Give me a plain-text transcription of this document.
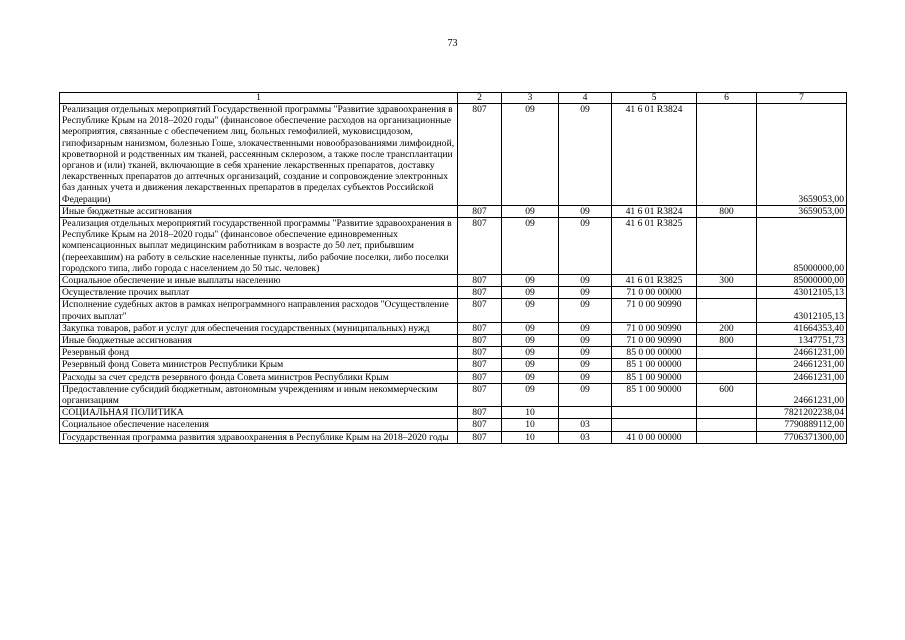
73
1	2	3	4	5	6	7
Реализация отдельных мероприятий Государственной программы "Развитие здравоохранения в Республике Крым на 2018–2020 годы" (финансовое обеспечение расходов на организационные мероприятия, связанные с обеспечением лиц, больных гемофилией, муковисцидозом, гипофизарным нанизмом, болезнью Гоше, злокачественными новообразованиями лимфоидной, кроветворной и родственных им тканей, рассеянным склерозом, а также после трансплантации органов и (или) тканей, включающие в себя хранение лекарственных препаратов, доставку лекарственных препаратов до аптечных организаций, создание и сопровождение электронных баз данных учета и движения лекарственных препаратов в пределах субъектов Российской Федерации)	807	09	09	41 6 01 R3824		3659053,00
Иные бюджетные ассигнования	807	09	09	41 6 01 R3824	800	3659053,00
Реализация отдельных мероприятий государственной программы "Развитие здравоохранения в Республике Крым на 2018–2020 годы" (финансовое обеспечение единовременных компенсационных выплат медицинским работникам в возрасте до 50 лет, прибывшим (переехавшим) на работу в сельские населенные пункты, либо рабочие поселки, либо поселки городского типа, либо города с населением до 50 тыс. человек)	807	09	09	41 6 01 R3825		85000000,00
Социальное обеспечение и иные выплаты населению	807	09	09	41 6 01 R3825	300	85000000,00
Осуществление прочих выплат	807	09	09	71 0 00 00000		43012105,13
Исполнение судебных актов в рамках непрограммного направления расходов "Осуществление прочих выплат"	807	09	09	71 0 00 90990		43012105,13
Закупка товаров, работ и услуг для обеспечения государственных (муниципальных) нужд	807	09	09	71 0 00 90990	200	41664353,40
Иные бюджетные ассигнования	807	09	09	71 0 00 90990	800	1347751,73
Резервный фонд	807	09	09	85 0 00 00000		24661231,00
Резервный фонд Совета министров Республики Крым	807	09	09	85 1 00 00000		24661231,00
Расходы за счет средств резервного фонда Совета министров Республики Крым	807	09	09	85 1 00 90000		24661231,00
Предоставление субсидий бюджетным, автономным учреждениям и иным некоммерческим организациям	807	09	09	85 1 00 90000	600	24661231,00
СОЦИАЛЬНАЯ ПОЛИТИКА	807	10				7821202238,04
Социальное обеспечение населения	807	10	03			7790889112,00
Государственная программа развития здравоохранения в Республике Крым на 2018–2020 годы	807	10	03	41 0 00 00000		7706371300,00
